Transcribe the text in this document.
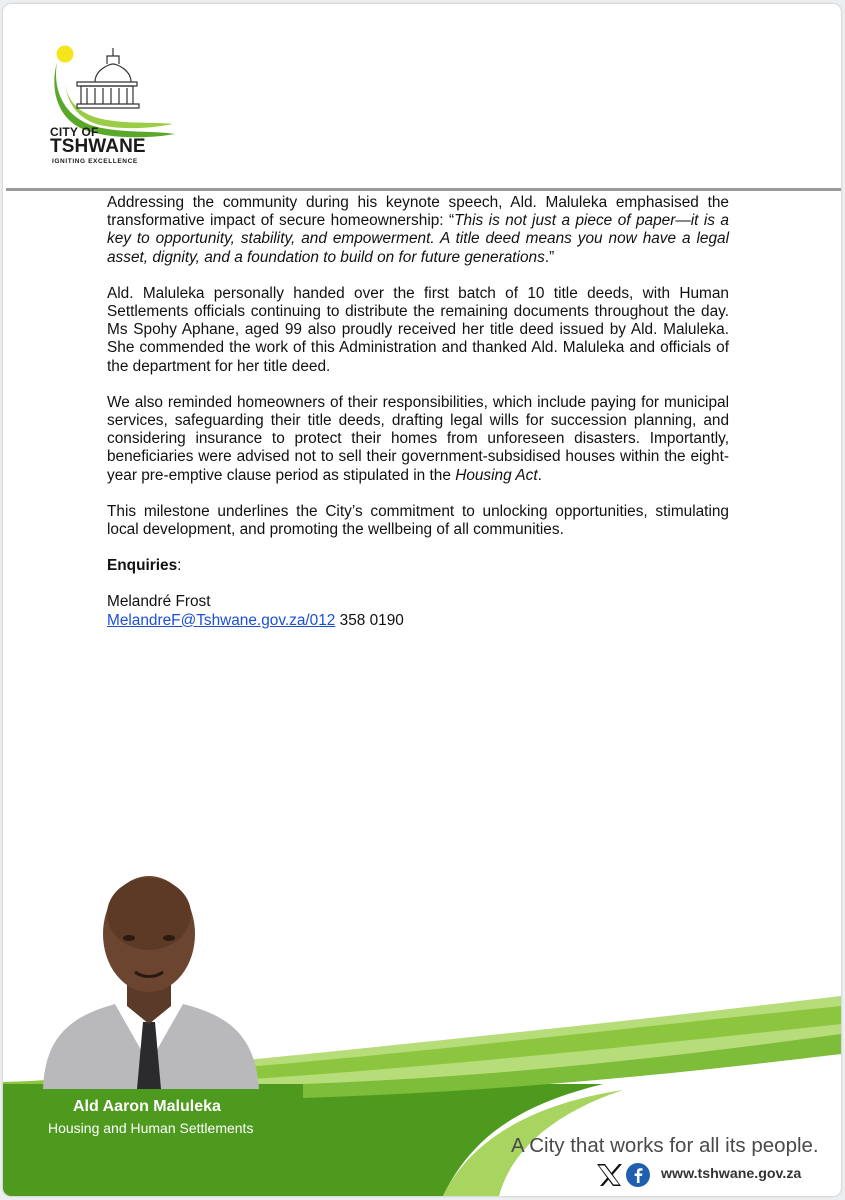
CITY OF
TSHWANE
IGNITING EXCELLENCE

Addressing the community during his keynote speech, Ald. Maluleka emphasised the transformative impact of secure homeownership: “This is not just a piece of paper—it is a key to opportunity, stability, and empowerment. A title deed means you now have a legal asset, dignity, and a foundation to build on for future generations.”

Ald. Maluleka personally handed over the first batch of 10 title deeds, with Human Settlements officials continuing to distribute the remaining documents throughout the day. Ms Spohy Aphane, aged 99 also proudly received her title deed issued by Ald. Maluleka. She commended the work of this Administration and thanked Ald. Maluleka and officials of the department for her title deed.

We also reminded homeowners of their responsibilities, which include paying for municipal services, safeguarding their title deeds, drafting legal wills for succession planning, and considering insurance to protect their homes from unforeseen disasters. Importantly, beneficiaries were advised not to sell their government-subsidised houses within the eight-year pre-emptive clause period as stipulated in the Housing Act.

This milestone underlines the City’s commitment to unlocking opportunities, stimulating local development, and promoting the wellbeing of all communities.

Enquiries:

Melandré Frost
MelandreF@Tshwane.gov.za/012 358 0190

Ald Aaron Maluleka
Housing and Human Settlements
A City that works for all its people.
www.tshwane.gov.za
